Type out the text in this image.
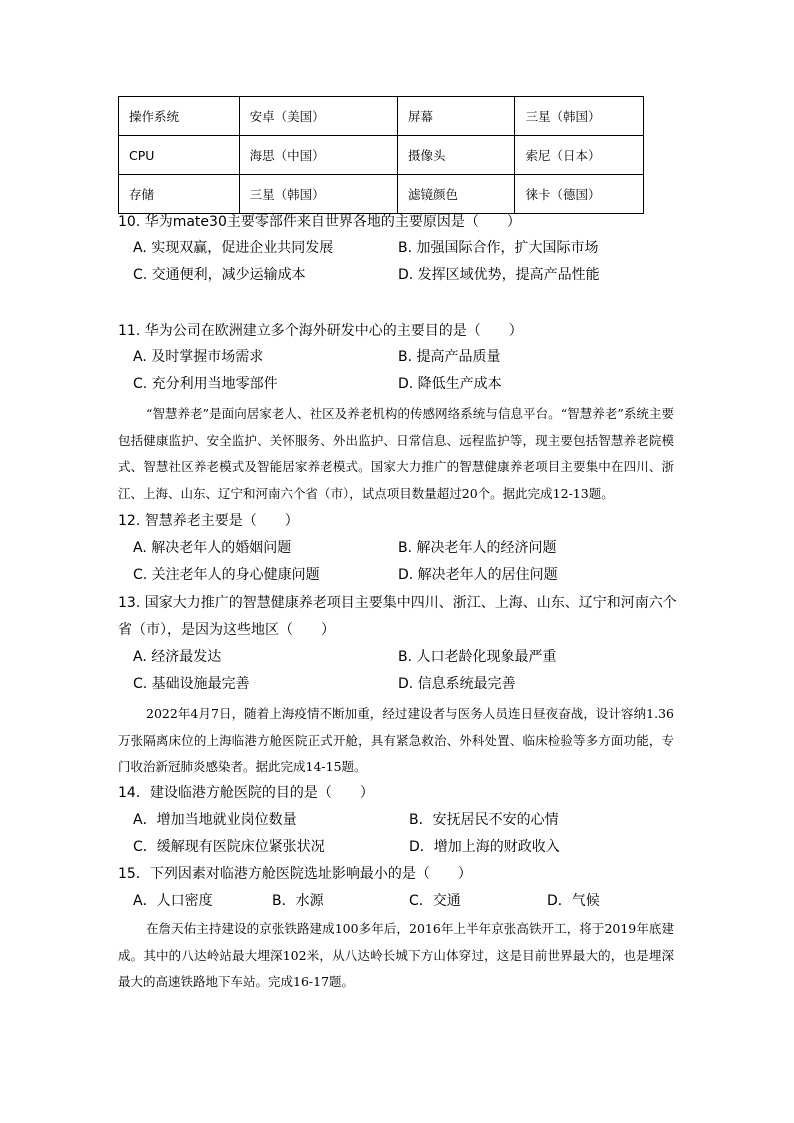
操作系统	安卓（美国）	屏幕	三星（韩国）
CPU	海思（中国）	摄像头	索尼（日本）
存储	三星（韩国）	滤镜颜色	徕卡（德国）
10. 华为mate30主要零部件来自世界各地的主要原因是（　　）
A. 实现双赢，促进企业共同发展	B. 加强国际合作，扩大国际市场
C. 交通便利，减少运输成本	D. 发挥区域优势，提高产品性能
11. 华为公司在欧洲建立多个海外研发中心的主要目的是（　　）
A. 及时掌握市场需求	B. 提高产品质量
C. 充分利用当地零部件	D. 降低生产成本

“智慧养老”是面向居家老人、社区及养老机构的传感网络系统与信息平台。“智慧养老”系统主要包括健康监护、安全监护、关怀服务、外出监护、日常信息、远程监护等，现主要包括智慧养老院模式、智慧社区养老模式及智能居家养老模式。国家大力推广的智慧健康养老项目主要集中在四川、浙江、上海、山东、辽宁和河南六个省（市），试点项目数量超过20个。据此完成12-13题。

12. 智慧养老主要是（　　）
A. 解决老年人的婚姻问题	B. 解决老年人的经济问题
C. 关注老年人的身心健康问题	D. 解决老年人的居住问题
13. 国家大力推广的智慧健康养老项目主要集中四川、浙江、上海、山东、辽宁和河南六个
省（市），是因为这些地区（　　）
A. 经济最发达	B. 人口老龄化现象最严重
C. 基础设施最完善	D. 信息系统最完善

2022年4月7日，随着上海疫情不断加重，经过建设者与医务人员连日昼夜奋战，设计容纳1.36万张隔离床位的上海临港方舱医院正式开舱，具有紧急救治、外科处置、临床检验等多方面功能，专门收治新冠肺炎感染者。据此完成14-15题。

14．建设临港方舱医院的目的是（　　）
A．增加当地就业岗位数量	B．安抚居民不安的心情
C．缓解现有医院床位紧张状况	D．增加上海的财政收入
15．下列因素对临港方舱医院选址影响最小的是（　　）
A．人口密度	B．水源	C．交通	D．气候

在詹天佑主持建设的京张铁路建成100多年后，2016年上半年京张高铁开工，将于2019年底建成。其中的八达岭站最大埋深102米，从八达岭长城下方山体穿过，这是目前世界最大的，也是埋深最大的高速铁路地下车站。完成16-17题。
